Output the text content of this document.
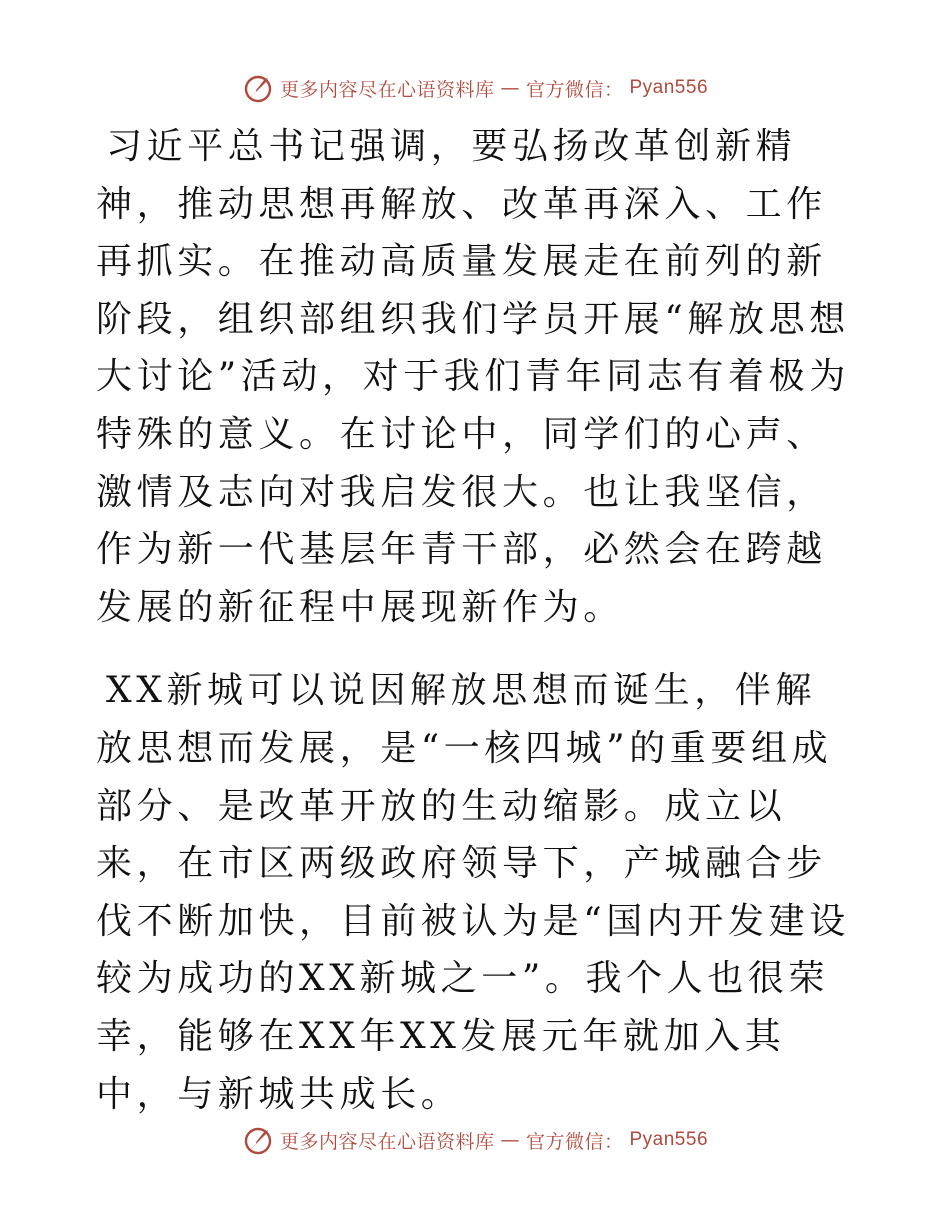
更多内容尽在心语资料库 — 官方微信： Pyan556

习近平总书记强调，要弘扬改革创新精神，推动思想再解放、改革再深入、工作再抓实。在推动高质量发展走在前列的新阶段，组织部组织我们学员开展“解放思想大讨论”活动，对于我们青年同志有着极为特殊的意义。在讨论中，同学们的心声、激情及志向对我启发很大。也让我坚信，作为新一代基层年青干部，必然会在跨越发展的新征程中展现新作为。

XX新城可以说因解放思想而诞生，伴解放思想而发展，是“一核四城”的重要组成部分、是改革开放的生动缩影。成立以来，在市区两级政府领导下，产城融合步伐不断加快，目前被认为是“国内开发建设较为成功的XX新城之一”。我个人也很荣幸，能够在XX年XX发展元年就加入其中，与新城共成长。

更多内容尽在心语资料库 — 官方微信： Pyan556
